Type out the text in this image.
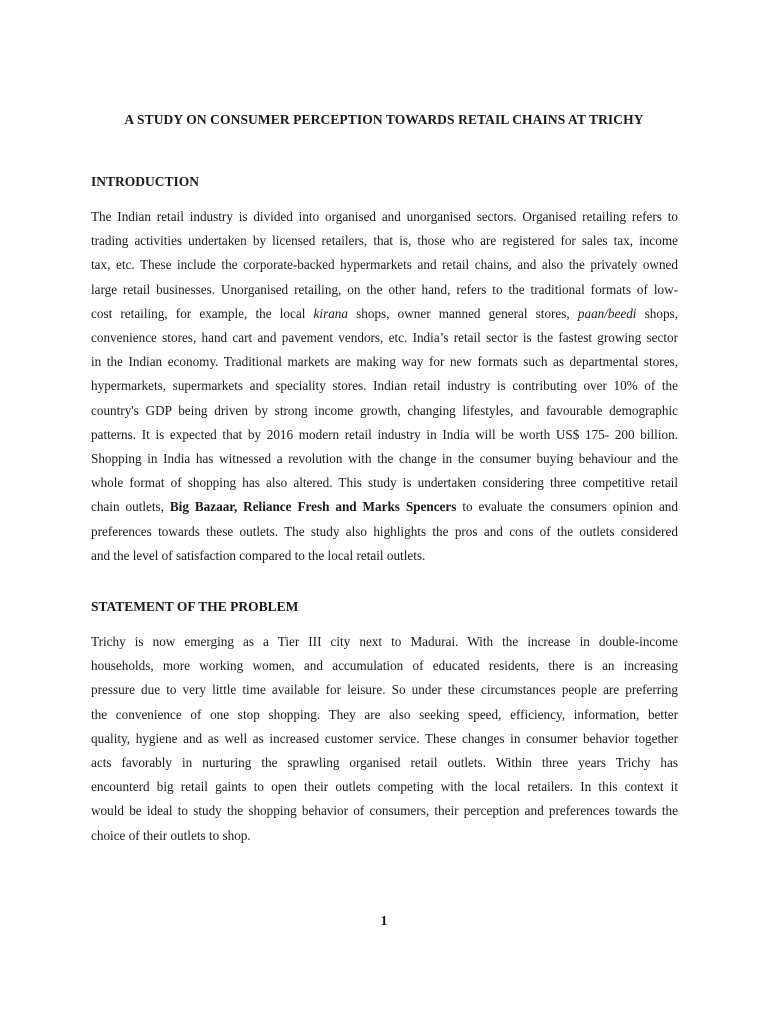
A STUDY ON CONSUMER PERCEPTION TOWARDS RETAIL CHAINS AT TRICHY
INTRODUCTION
The Indian retail industry is divided into organised and unorganised sectors. Organised retailing refers to
trading activities undertaken by licensed retailers, that is, those who are registered for sales tax, income
tax, etc. These include the corporate-backed hypermarkets and retail chains, and also the privately owned
large retail businesses. Unorganised retailing, on the other hand, refers to the traditional formats of low-
cost retailing, for example, the local kirana shops, owner manned general stores, paan/beedi shops,
convenience stores, hand cart and pavement vendors, etc. India’s retail sector is the fastest growing sector
in the Indian economy. Traditional markets are making way for new formats such as departmental stores,
hypermarkets, supermarkets and speciality stores. Indian retail industry is contributing over 10% of the
country's GDP being driven by strong income growth, changing lifestyles, and favourable demographic
patterns. It is expected that by 2016 modern retail industry in India will be worth US$ 175- 200 billion.
Shopping in India has witnessed a revolution with the change in the consumer buying behaviour and the
whole format of shopping has also altered. This study is undertaken considering three competitive retail
chain outlets, Big Bazaar, Reliance Fresh and Marks Spencers to evaluate the consumers opinion and
preferences towards these outlets. The study also highlights the pros and cons of the outlets considered
and the level of satisfaction compared to the local retail outlets.
STATEMENT OF THE PROBLEM
Trichy is now emerging as a Tier III city next to Madurai. With the increase in double-income
households, more working women, and accumulation of educated residents, there is an increasing
pressure due to very little time available for leisure. So under these circumstances people are preferring
the convenience of one stop shopping. They are also seeking speed, efficiency, information, better
quality, hygiene and as well as increased customer service. These changes in consumer behavior together
acts favorably in nurturing the sprawling organised retail outlets. Within three years Trichy has
encounterd big retail gaints to open their outlets competing with the local retailers. In this context it
would be ideal to study the shopping behavior of consumers, their perception and preferences towards the
choice of their outlets to shop.
1
